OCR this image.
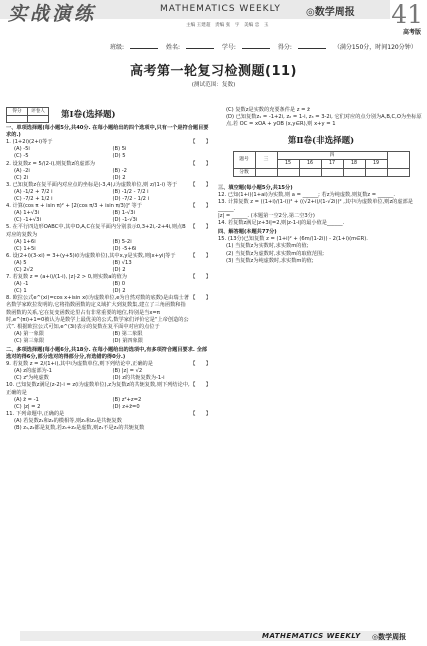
实战演练	MATHEMATICS WEEKLY	◎数学周报 41
高考版
主编 王建超　责编 张　宇　美编 忠　玉
班级:	姓名:	学号:	得分:	（满分150分，时间120分钟）
高考第一轮复习检测题(11)
(测试范围：复数)
得分	评卷人
	第Ⅰ卷(选择题)
一、单项选择题(每小题5分,共40分. 在每小题给出的四个选项中,只有一个是符合题目要求的.)
1. (1+2i)(2+i)等于	【　　】
(A) -5i	(B) 5i
(C) -5	(D) 5
2. 设复数z = 5/(2-i),则复数z的虚部为	【　　】
(A) -2i	(B) -2
(C) 2i	(D) 2
3. 已知复数z在复平面内对应点的坐标是(-3,4),i为虚数单位,则 z/(1-i) 等于	【　　】
(A) -1/2 + 7/2 i	(B) -1/2 - 7/2 i
(C) -7/2 + 1/2 i	(D) -7/2 - 1/2 i
4. 计算(cos π + isin π)² + [2(cos π/3 + isin π/3)]² 等于	【　　】
(A) 1+√3i	(B) 1-√3i
(C) -1+√3i	(D) -1-√3i
5. 在平行四边形OABC中,其中O,A,C在复平面内分别表示0,3+2i,-2+4i,则点B对应的复数为
【　　】
(A) 1+6i	(B) 5-2i
(C) 1+5i	(D) -5+6i
6. 设(2+i)(3-xi) = 3+(y+5)i(i为虚数单位),其中x,y是实数,则|x+yi|等于	【　　】
(A) 5	(B) √13
(C) 2√2	(D) 2
7. 若复数 z = (a+i)/(1-i), |z|·2 > 0,则实数a的值为	【　　】
(A) -1	(B) 0
(C) 1	(D) 2
8. 欧拉公式e^(xi)=cos x+isin x(i为虚数单位,e为自然对数的底数)是由瑞士著名数学家欧拉发明的,它将指数函数的定义域扩大到复数集,建立了三角函数和指数函数的关系,它在复变函数论里占有非常重要的地位,特别是当x=π时,e^(πi)+1=0被认为是数学上最优美的公式,数学家们评价它是“上帝创造的公式”. 根据欧拉公式可知,e^(3i)表示的复数在复平面中对应的点位于
【　　】
(A) 第一象限	(B) 第二象限
(C) 第三象限	(D) 第四象限
二、多项选择题(每小题6分,共18分. 在每小题给出的选项中,有多项符合题目要求. 全部选对的得6分,部分选对的得部分分,有选错的得0分.)
9. 若复数 z = 2/(1+i),其中i为虚数单位,则下列结论中,正确的是	【　　】
(A) z的虚部为-1	(B) |z| = √2
(C) z²为纯虚数	(D) z的共轭复数为-1-i
10. 已知复数z满足(z-2)·i = z(i为虚数单位),z为复数z的共轭复数,则下列结论中,正确的是
【　　】
(A) z̄ = -1	(B) z²+z=2
(C) |z| = 2	(D) z+z̄=0
11. 下列命题中,正确的是	【　　】
(A) 若复数z₁和z₂的模相等,则z₁和z₂是共轭复数
(B) z₁,z₂都是复数,若z₁+z₂是虚数,则z₁不是z₂的共轭复数
(C) 复数z是实数的充要条件是 z = z̄
(D) 已知复数z₁ = -1+2i, z₂ = 1-i, z₃ = 3-2i, 它们对应的点分别为A,B,C,O为坐标原点,若 OC = xOA + yOB (x,y∈R),则 x+y = 1
第Ⅱ卷(非选择题)
题号	三	四					
		15	16	17	18	19	
分数							
三、填空题(每小题5分,共15分)
12. 已知(1+i)(1+ai)为实数,则 a = ______; 若z为纯虚数,则复数z = ______.
13. 计算复数 z = ((1+i)/(1-i))⁴ + ((√2+i)/(1-√2i))² ,其中i为虚数单位,则z的虚部是______.
|z| = ______. (本题第一空2分,第二空3分)
14. 若复数z满足|z+3i|=2,则|z-1-i|的最小值是______.
四、解答题(本题共77分)
15. (13分)已知复数 z = (1+i)² + (6m/(1-2i)) - 2(1+i)(m∈R).
(1) 当复数z为实数时,求实数m的值;
(2) 当复数z为虚数时,求实数m的取值范围;
(3) 当复数z为纯虚数时,求实数m的值;
MATHEMATICS WEEKLY ◎数学周报
